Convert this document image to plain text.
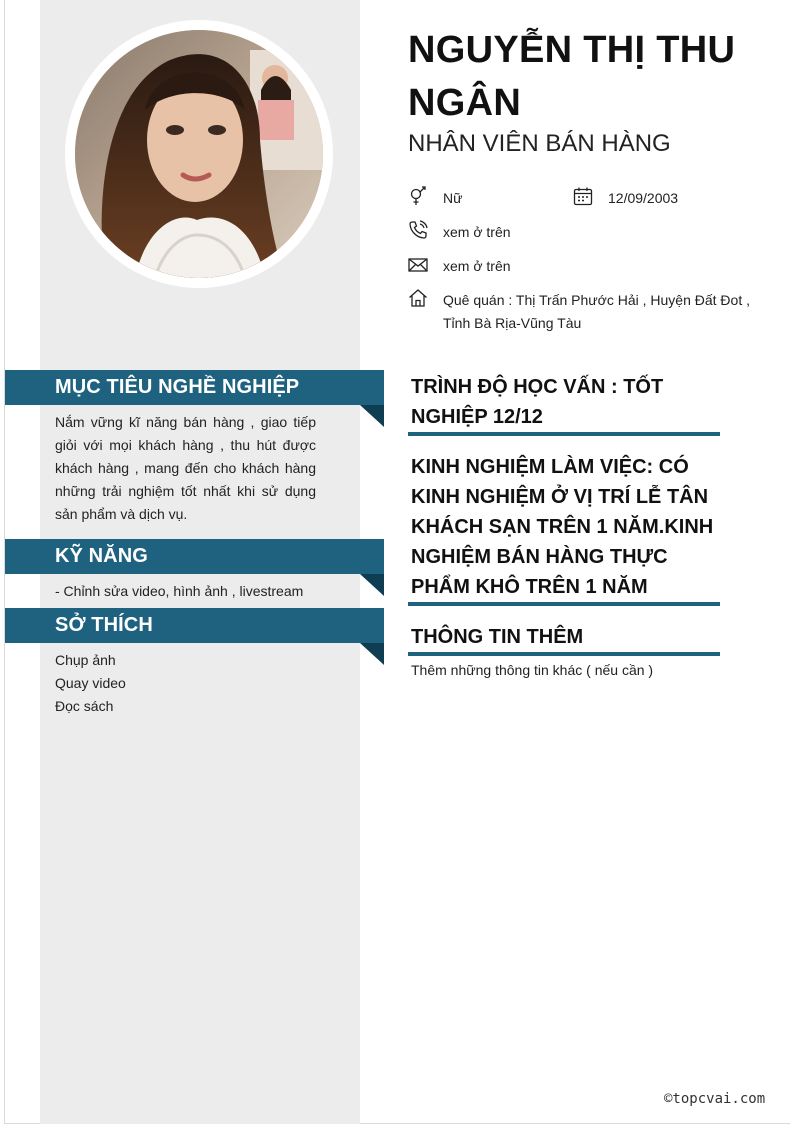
NGUYỄN THỊ THU NGÂN
NHÂN VIÊN BÁN HÀNG
Nữ	12/09/2003
xem ở trên
xem ở trên
Quê quán : Thị Trấn Phước Hải , Huyện Đất Đot , Tỉnh Bà Rịa-Vũng Tàu
MỤC TIÊU NGHỀ NGHIỆP
Nắm vững kĩ năng bán hàng , giao tiếp giỏi với mọi khách hàng , thu hút được khách hàng , mang đến cho khách hàng những trải nghiệm tốt nhất khi sử dụng sản phẩm và dịch vụ.
KỸ NĂNG
- Chỉnh sửa video, hình ảnh , livestream
SỞ THÍCH
Chụp ảnh
Quay video
Đọc sách
TRÌNH ĐỘ HỌC VẤN : TỐT NGHIỆP 12/12
KINH NGHIỆM LÀM VIỆC: CÓ KINH NGHIỆM Ở VỊ TRÍ LỄ TÂN KHÁCH SẠN TRÊN 1 NĂM.KINH NGHIỆM BÁN HÀNG THỰC PHẨM KHÔ TRÊN 1 NĂM
THÔNG TIN THÊM
Thêm những thông tin khác ( nếu cần )
©topcvai.com
